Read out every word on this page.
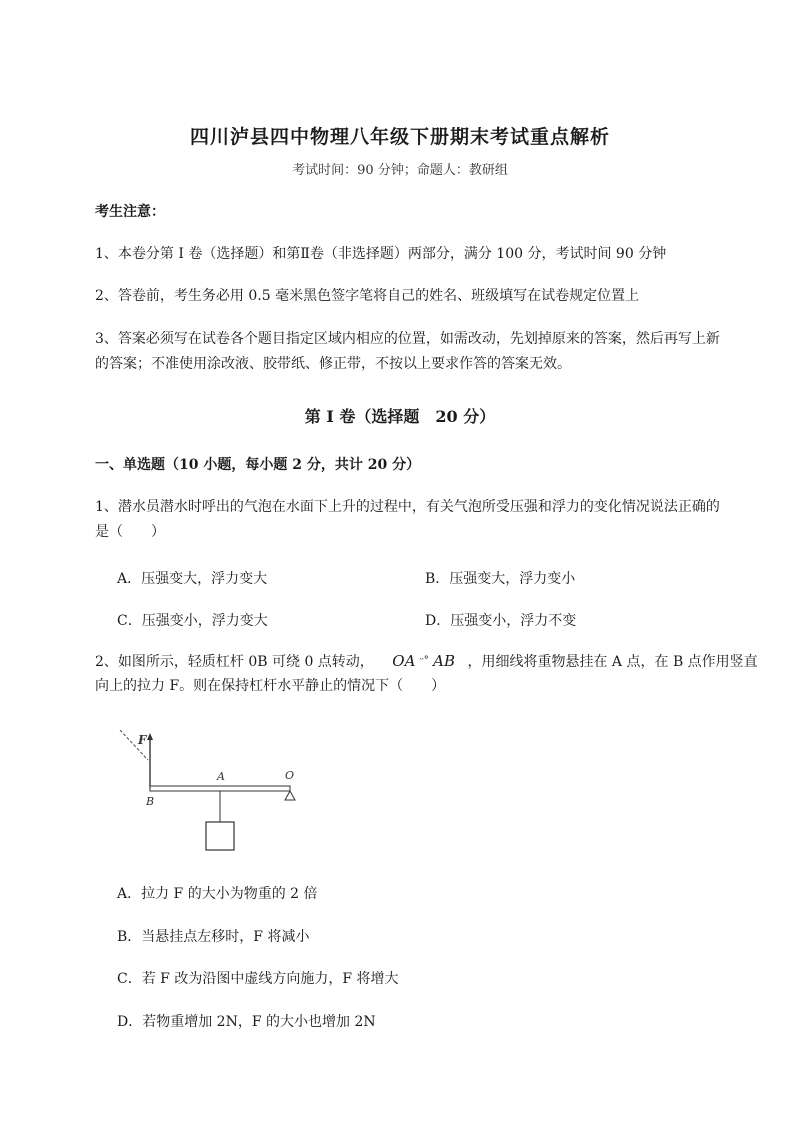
四川泸县四中物理八年级下册期末考试重点解析
考试时间：90 分钟；命题人：教研组
考生注意：
1、本卷分第 I 卷（选择题）和第Ⅱ卷（非选择题）两部分，满分 100 分，考试时间 90 分钟
2、答卷前，考生务必用 0.5 毫米黑色签字笔将自己的姓名、班级填写在试卷规定位置上
3、答案必须写在试卷各个题目指定区域内相应的位置，如需改动，先划掉原来的答案，然后再写上新
的答案；不准使用涂改液、胶带纸、修正带，不按以上要求作答的答案无效。
第 I 卷（选择题　20 分）
一、单选题（10 小题，每小题 2 分，共计 20 分）
1、潜水员潜水时呼出的气泡在水面下上升的过程中，有关气泡所受压强和浮力的变化情况说法正确的
是（　　）
A．压强变大，浮力变大	B．压强变大，浮力变小
C．压强变小，浮力变大	D．压强变小，浮力不变
2、如图所示，轻质杠杆 0B 可绕 0 点转动， OA $^{ᵕ^\circ}$ AB ，用细线将重物悬挂在 A 点，在 B 点作用竖直
向上的拉力 F。则在保持杠杆水平静止的情况下（　　）
F
B
A	O
A．拉力 F 的大小为物重的 2 倍
B．当悬挂点左移时，F 将减小
C．若 F 改为沿图中虚线方向施力，F 将增大
D．若物重增加 2N，F 的大小也增加 2N
